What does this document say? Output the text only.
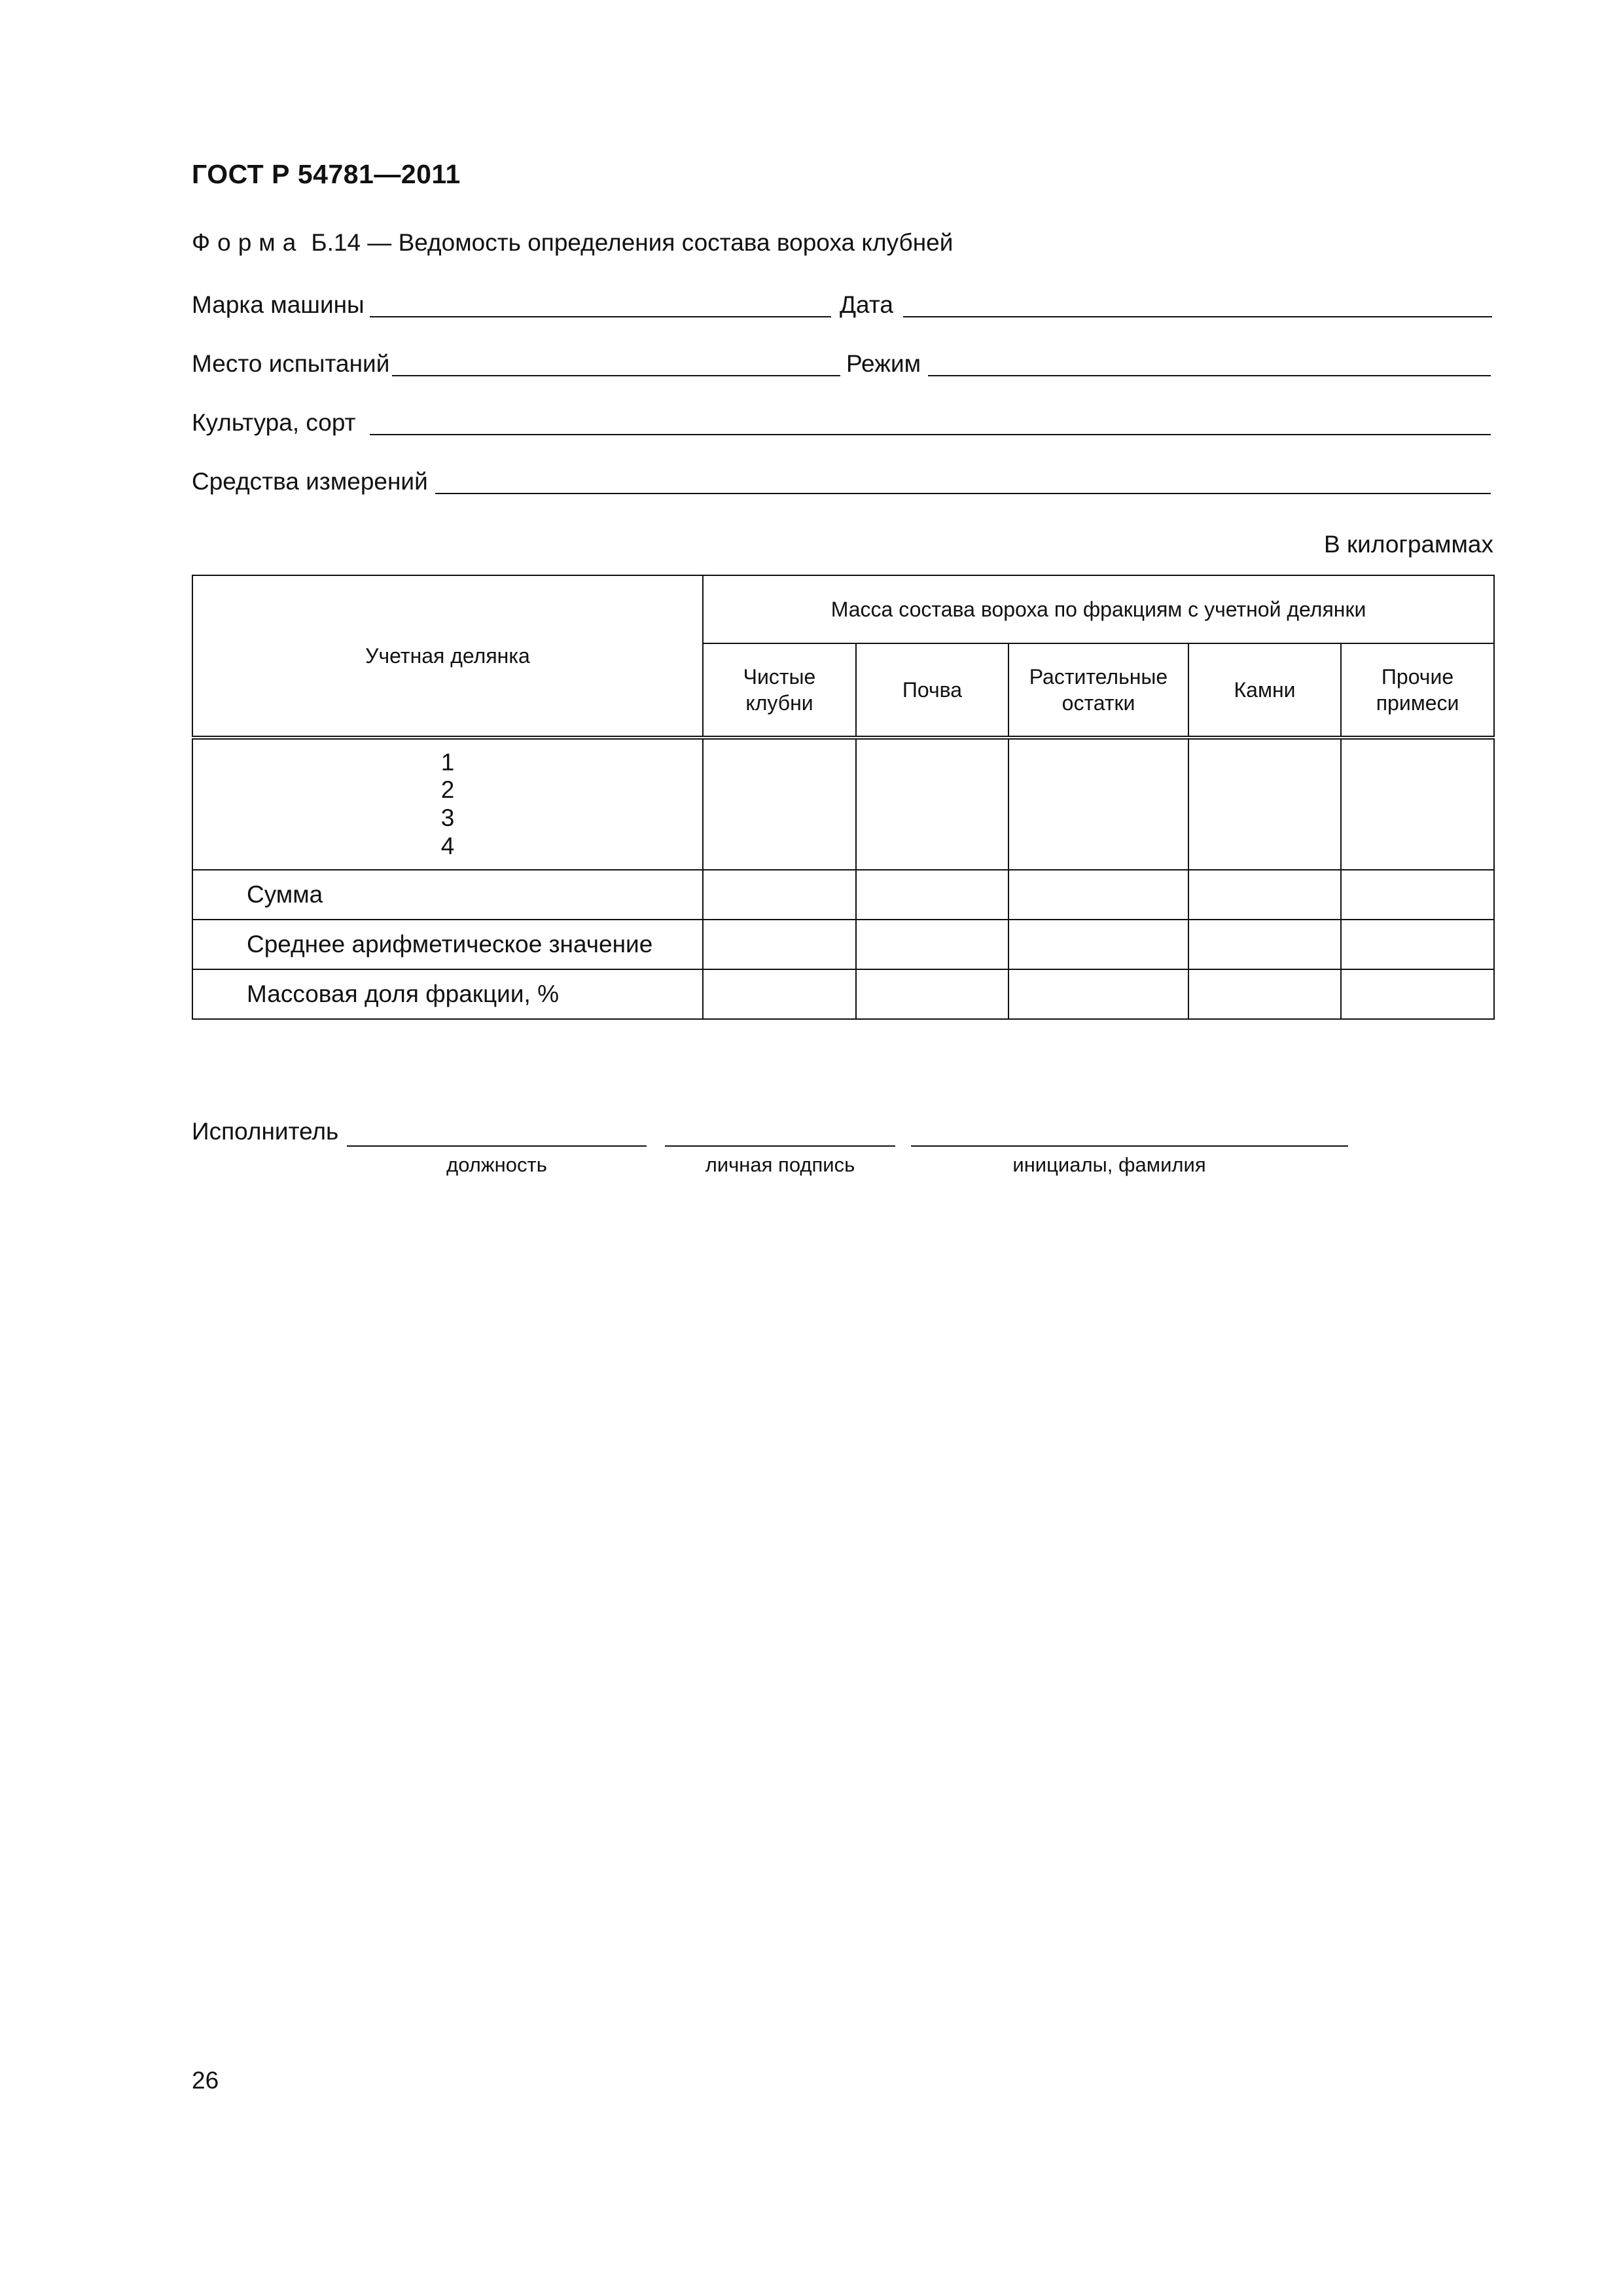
ГОСТ Р 54781—2011
Форма Б.14 — Ведомость определения состава вороха клубней
Марка машины	Дата
Место испытаний	Режим
Культура, сорт
Средства измерений
В килограммах
Учетная делянка	Масса состава вороха по фракциям с учетной делянки				
	Чистые клубни	Почва	Растительные остатки	Камни	Прочие примеси

1
2
3
4					

Сумма					
Среднее арифметическое значение					
Массовая доля фракции, %					
Исполнитель
должность	личная подпись	инициалы, фамилия
26
